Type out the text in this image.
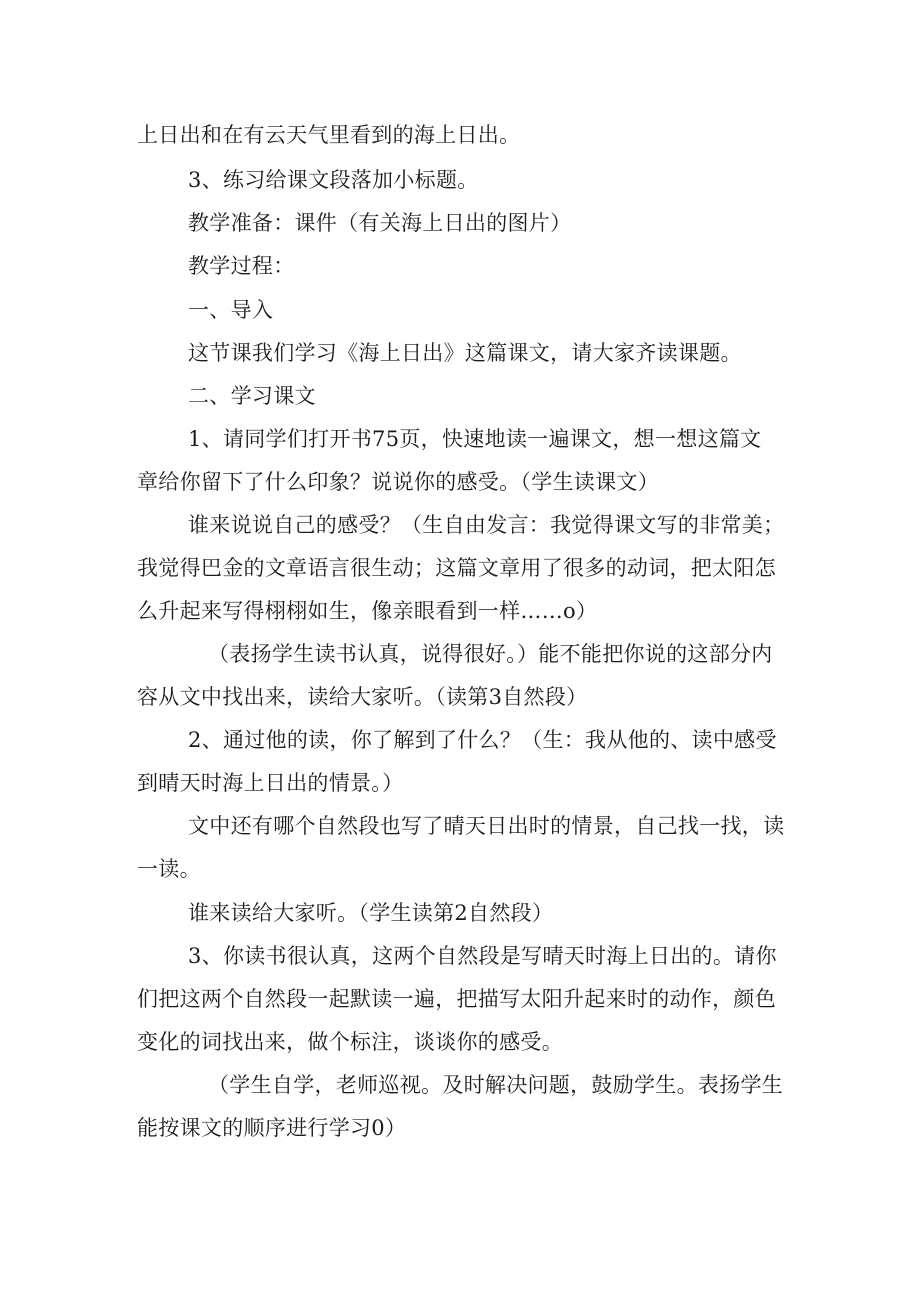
上日出和在有云天气里看到的海上日出。
3、练习给课文段落加小标题。
教学准备：课件（有关海上日出的图片）
教学过程：
一、导入
这节课我们学习《海上日出》这篇课文，请大家齐读课题。
二、学习课文
1、请同学们打开书75页，快速地读一遍课文，想一想这篇文
章给你留下了什么印象？说说你的感受。（学生读课文）
谁来说说自己的感受？（生自由发言：我觉得课文写的非常美；
我觉得巴金的文章语言很生动；这篇文章用了很多的动词，把太阳怎
么升起来写得栩栩如生，像亲眼看到一样……o）
（表扬学生读书认真，说得很好。）能不能把你说的这部分内
容从文中找出来，读给大家听。（读第3自然段）
2、通过他的读，你了解到了什么？（生：我从他的、读中感受
到晴天时海上日出的情景。）
文中还有哪个自然段也写了晴天日出时的情景，自己找一找，读
一读。
谁来读给大家听。（学生读第2自然段）
3、你读书很认真，这两个自然段是写晴天时海上日出的。请你
们把这两个自然段一起默读一遍，把描写太阳升起来时的动作，颜色
变化的词找出来，做个标注，谈谈你的感受。
（学生自学，老师巡视。及时解决问题，鼓励学生。表扬学生
能按课文的顺序进行学习0）
